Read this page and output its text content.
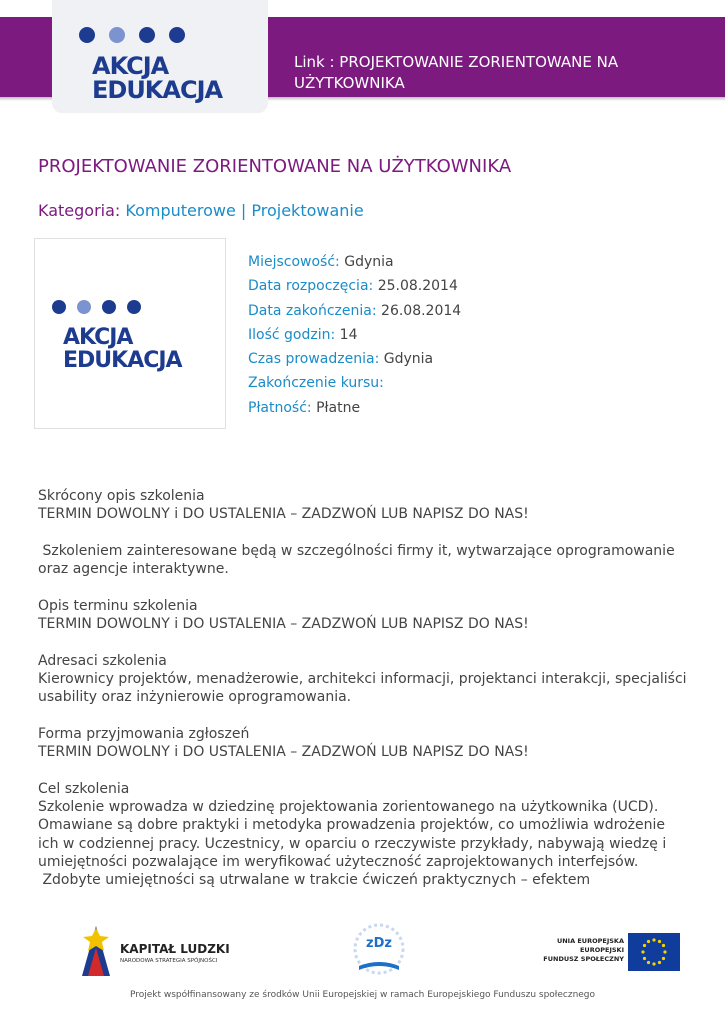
AKCJA
EDUKACJA
Link : PROJEKTOWANIE ZORIENTOWANE NA UŻYTKOWNIKA
PROJEKTOWANIE ZORIENTOWANE NA UŻYTKOWNIKA
Kategoria: Komputerowe | Projektowanie
AKCJA
EDUKACJA
Miejscowość: Gdynia
Data rozpoczęcia: 25.08.2014
Data zakończenia: 26.08.2014
Ilość godzin: 14
Czas prowadzenia: Gdynia
Zakończenie kursu:
Płatność: Płatne

Skrócony opis szkolenia
TERMIN DOWOLNY i DO USTALENIA – ZADZWOŃ LUB NAPISZ DO NAS!

Szkoleniem zainteresowane będą w szczególności firmy it, wytwarzające oprogramowanie oraz agencje interaktywne.

Opis terminu szkolenia
TERMIN DOWOLNY i DO USTALENIA – ZADZWOŃ LUB NAPISZ DO NAS!

Adresaci szkolenia
Kierownicy projektów, menadżerowie, architekci informacji, projektanci interakcji, specjaliści usability oraz inżynierowie oprogramowania.

Forma przyjmowania zgłoszeń
TERMIN DOWOLNY i DO USTALENIA – ZADZWOŃ LUB NAPISZ DO NAS!

Cel szkolenia
Szkolenie wprowadza w dziedzinę projektowania zorientowanego na użytkownika (UCD). Omawiane są dobre praktyki i metodyka prowadzenia projektów, co umożliwia wdrożenie ich w codziennej pracy. Uczestnicy, w oparciu o rzeczywiste przykłady, nabywają wiedzę i umiejętności pozwalające im weryfikować użyteczność zaprojektowanych interfejsów.
Zdobyte umiejętności są utrwalane w trakcie ćwiczeń praktycznych – efektem

KAPITAŁ LUDZKI
NARODOWA STRATEGIA SPÓJNOŚCI
zDz	UNIA EUROPEJSKA
EUROPEJSKI
FUNDUSZ SPOŁECZNY
Projekt współfinansowany ze środków Unii Europejskiej w ramach Europejskiego Funduszu społecznego
